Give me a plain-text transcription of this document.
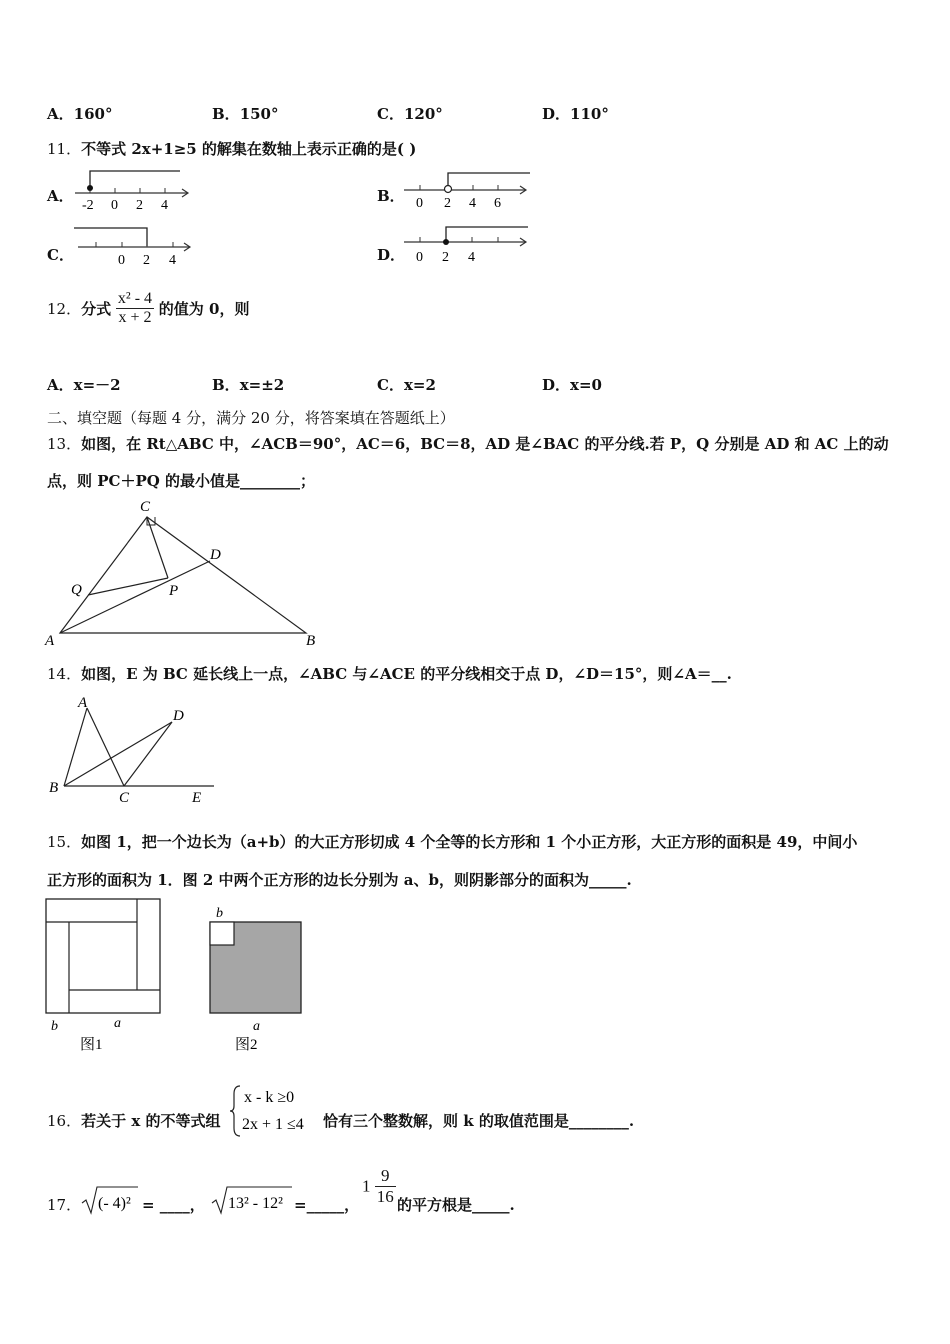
A．160°	B．150°	C．120°	D．110°
11．不等式 2x+1≥5 的解集在数轴上表示正确的是( )
A．
-2 0 2 4
B． 0 2 4 6
C．	0 2 4	D． 0 2 4
12．分式 $\frac{\text{x² - 4}}{x + 2}$ 的值为 0，则
A．x=－2	B．x=±2	C．x=2	D．x=0
二、填空题（每题 4 分，满分 20 分，将答案填在答题纸上）
13．如图，在 Rt△ABC 中，∠ACB＝90°，AC＝6，BC＝8，AD 是∠BAC 的平分线.若 P，Q 分别是 AD 和 AC 上的动
点，则 PC＋PQ 的最小值是________；
C
D
Q	P
A	B
14．如图，E 为 BC 延长线上一点，∠ABC 与∠ACE 的平分线相交于点 D，∠D＝15°，则∠A＝__.
A
D
B
C	E
15．如图 1，把一个边长为（a+b）的大正方形切成 4 个全等的长方形和 1 个小正方形，大正方形的面积是 49，中间小
正方形的面积为 1．图 2 中两个正方形的边长分别为 a、b，则阴影部分的面积为_____.
b	a
图1
b
a
图2
16．若关于 x 的不等式组
x - k ≥0
2x + 1 ≤4 恰有三个整数解，则 k 的取值范围是________.
17． (- 4)² = ____， 13² - 12² =_____，
$1 \frac{9}{16}$ 的平方根是_____.
